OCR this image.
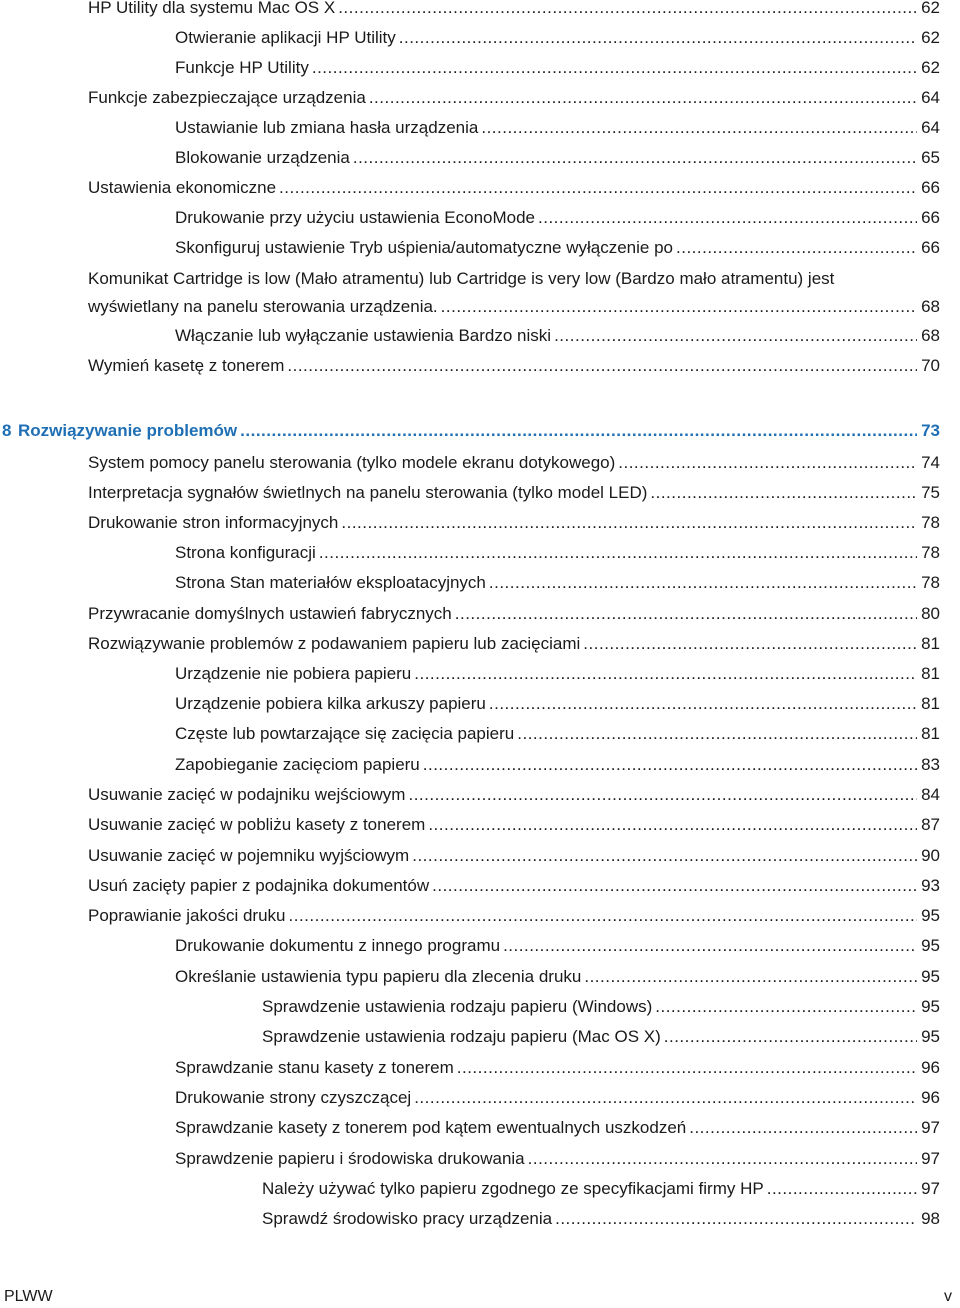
HP Utility dla systemu Mac OS X .....	62
Otwieranie aplikacji HP Utility .....	62
Funkcje HP Utility .....	62
Funkcje zabezpieczające urządzenia .....	64
Ustawianie lub zmiana hasła urządzenia .....	64
Blokowanie urządzenia .....	65
Ustawienia ekonomiczne .....	66
Drukowanie przy użyciu ustawienia EconoMode .....	66
Skonfiguruj ustawienie Tryb uśpienia/automatyczne wyłączenie po .....	66
Komunikat Cartridge is low (Mało atramentu) lub Cartridge is very low (Bardzo mało atramentu) jest
wyświetlany na panelu sterowania urządzenia. .....	68
Włączanie lub wyłączanie ustawienia Bardzo niski .....	68
Wymień kasetę z tonerem .....	70
8 Rozwiązywanie problemów .....	73
System pomocy panelu sterowania (tylko modele ekranu dotykowego) .....	74
Interpretacja sygnałów świetlnych na panelu sterowania (tylko model LED) .....	75
Drukowanie stron informacyjnych .....	78
Strona konfiguracji .....	78
Strona Stan materiałów eksploatacyjnych .....	78
Przywracanie domyślnych ustawień fabrycznych .....	80
Rozwiązywanie problemów z podawaniem papieru lub zacięciami .....	81
Urządzenie nie pobiera papieru .....	81
Urządzenie pobiera kilka arkuszy papieru .....	81
Częste lub powtarzające się zacięcia papieru .....	81
Zapobieganie zacięciom papieru .....	83
Usuwanie zacięć w podajniku wejściowym .....	84
Usuwanie zacięć w pobliżu kasety z tonerem .....	87
Usuwanie zacięć w pojemniku wyjściowym .....	90
Usuń zacięty papier z podajnika dokumentów .....	93
Poprawianie jakości druku .....	95
Drukowanie dokumentu z innego programu .....	95
Określanie ustawienia typu papieru dla zlecenia druku .....	95
Sprawdzenie ustawienia rodzaju papieru (Windows) .....	95
Sprawdzenie ustawienia rodzaju papieru (Mac OS X) .....	95
Sprawdzanie stanu kasety z tonerem .....	96
Drukowanie strony czyszczącej .....	96
Sprawdzanie kasety z tonerem pod kątem ewentualnych uszkodzeń .....	97
Sprawdzenie papieru i środowiska drukowania .....	97
Należy używać tylko papieru zgodnego ze specyfikacjami firmy HP .....	97
Sprawdź środowisko pracy urządzenia .....	98
PLWW	v
